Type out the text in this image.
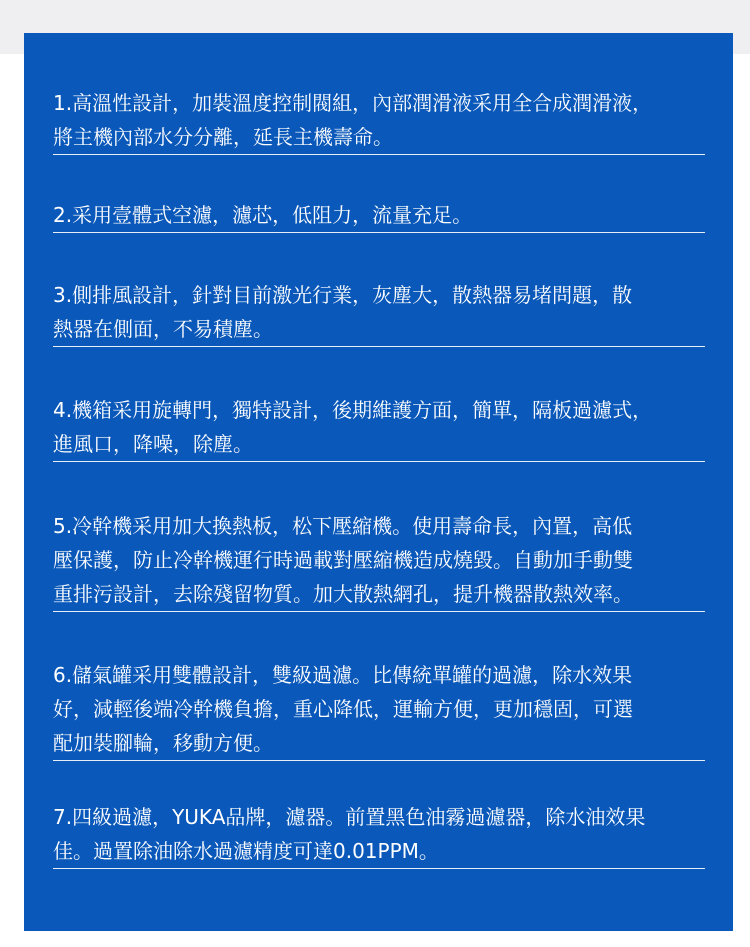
1.高溫性設計，加裝溫度控制閥組，內部潤滑液采用全合成潤滑液，
將主機內部水分分離，延長主機壽命。
2.采用壹體式空濾，濾芯，低阻力，流量充足。
3.側排風設計，針對目前激光行業，灰塵大，散熱器易堵問題，散
熱器在側面，不易積塵。
4.機箱采用旋轉門，獨特設計，後期維護方面，簡單，隔板過濾式，
進風口，降噪，除塵。
5.冷幹機采用加大換熱板，松下壓縮機。使用壽命長，內置，高低
壓保護，防止冷幹機運行時過載對壓縮機造成燒毀。自動加手動雙
重排污設計，去除殘留物質。加大散熱網孔，提升機器散熱效率。
6.儲氣罐采用雙體設計，雙級過濾。比傳統單罐的過濾，除水效果
好，減輕後端冷幹機負擔，重心降低，運輸方便，更加穩固，可選
配加裝腳輪，移動方便。
7.四級過濾，YUKA品牌，濾器。前置黑色油霧過濾器，除水油效果
佳。過置除油除水過濾精度可達0.01PPM。
